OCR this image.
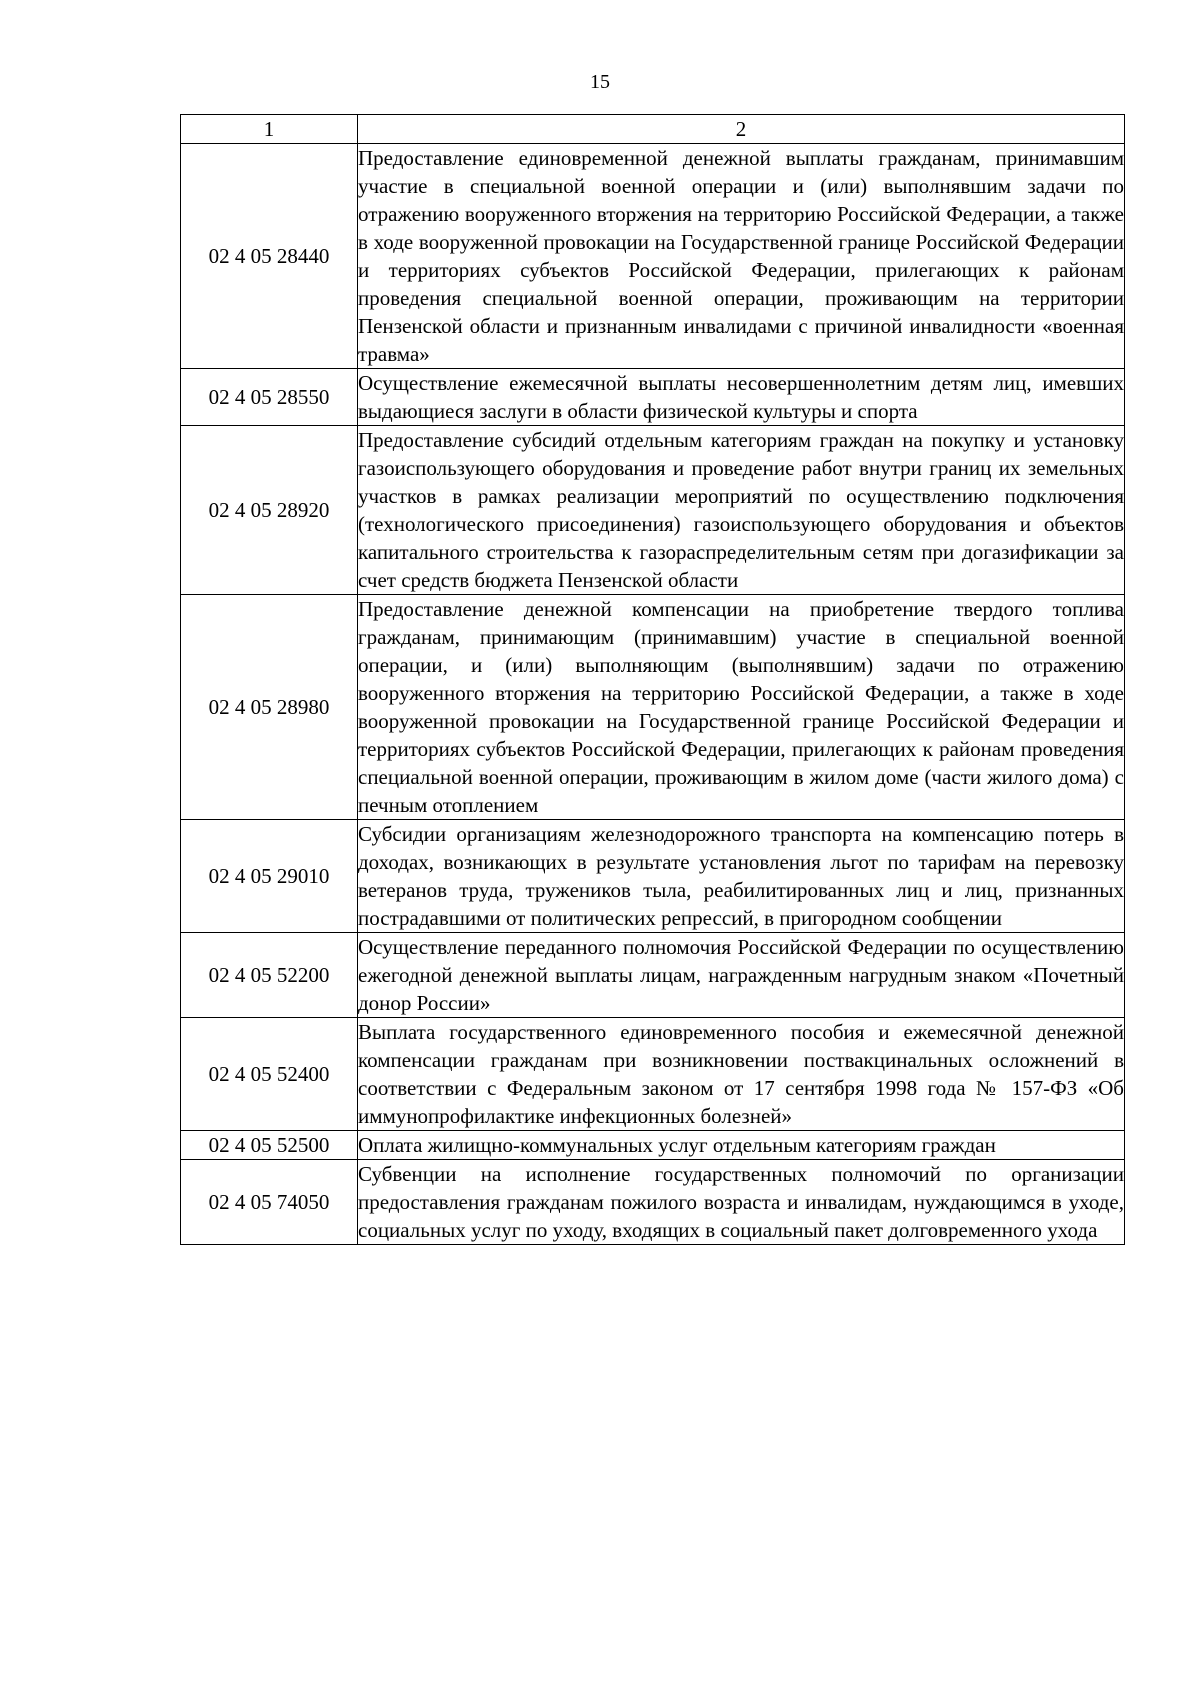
15
1	2
02 4 05 28440	Предоставление единовременной денежной выплаты гражданам, принимавшим участие в специальной военной операции и (или) выполнявшим задачи по отражению вооруженного вторжения на территорию Российской Федерации, а также в ходе вооруженной провокации на Государственной границе Российской Федерации и территориях субъектов Российской Федерации, прилегающих к районам проведения специальной военной операции, проживающим на территории Пензенской области и признанным инвалидами с причиной инвалидности «военная травма»
02 4 05 28550	Осуществление ежемесячной выплаты несовершеннолетним детям лиц, имевших выдающиеся заслуги в области физической культуры и спорта
02 4 05 28920	Предоставление субсидий отдельным категориям граждан на покупку и установку газоиспользующего оборудования и проведение работ внутри границ их земельных участков в рамках реализации мероприятий по осуществлению подключения (технологического присоединения) газоиспользующего оборудования и объектов капитального строительства к газораспределительным сетям при догазификации за счет средств бюджета Пензенской области
02 4 05 28980	Предоставление денежной компенсации на приобретение твердого топлива гражданам, принимающим (принимавшим) участие в специальной военной операции, и (или) выполняющим (выполнявшим) задачи по отражению вооруженного вторжения на территорию Российской Федерации, а также в ходе вооруженной провокации на Государственной границе Российской Федерации и территориях субъектов Российской Федерации, прилегающих к районам проведения специальной военной операции, проживающим в жилом доме (части жилого дома) с печным отоплением
02 4 05 29010	Субсидии организациям железнодорожного транспорта на компенсацию потерь в доходах, возникающих в результате установления льгот по тарифам на перевозку ветеранов труда, тружеников тыла, реабилитированных лиц и лиц, признанных пострадавшими от политических репрессий, в пригородном сообщении
02 4 05 52200	Осуществление переданного полномочия Российской Федерации по осуществлению ежегодной денежной выплаты лицам, награжденным нагрудным знаком «Почетный донор России»
02 4 05 52400	Выплата государственного единовременного пособия и ежемесячной денежной компенсации гражданам при возникновении поствакцинальных осложнений в соответствии с Федеральным законом от 17 сентября 1998 года № 157-ФЗ «Об иммунопрофилактике инфекционных болезней»
02 4 05 52500	Оплата жилищно-коммунальных услуг отдельным категориям граждан
02 4 05 74050	Субвенции на исполнение государственных полномочий по организации предоставления гражданам пожилого возраста и инвалидам, нуждающимся в уходе, социальных услуг по уходу, входящих в социальный пакет долговременного ухода
